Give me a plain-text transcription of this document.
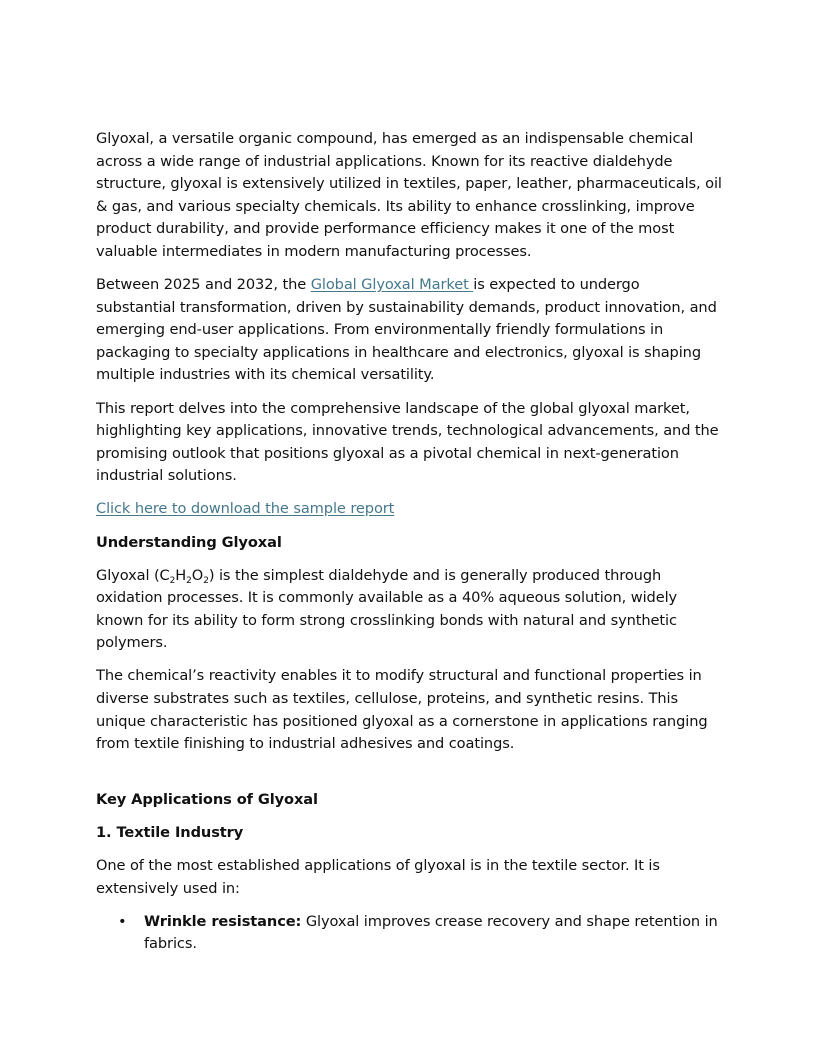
Glyoxal, a versatile organic compound, has emerged as an indispensable chemical across a wide range of industrial applications. Known for its reactive dialdehyde structure, glyoxal is extensively utilized in textiles, paper, leather, pharmaceuticals, oil & gas, and various specialty chemicals. Its ability to enhance crosslinking, improve product durability, and provide performance efficiency makes it one of the most valuable intermediates in modern manufacturing processes.

Between 2025 and 2032, the Global Glyoxal Market is expected to undergo substantial transformation, driven by sustainability demands, product innovation, and emerging end-user applications. From environmentally friendly formulations in packaging to specialty applications in healthcare and electronics, glyoxal is shaping multiple industries with its chemical versatility.

This report delves into the comprehensive landscape of the global glyoxal market, highlighting key applications, innovative trends, technological advancements, and the promising outlook that positions glyoxal as a pivotal chemical in next-generation industrial solutions.

Click here to download the sample report

Understanding Glyoxal

Glyoxal $(C_2H_2O_2)$ is the simplest dialdehyde and is generally produced through oxidation processes. It is commonly available as a 40% aqueous solution, widely known for its ability to form strong crosslinking bonds with natural and synthetic polymers.

The chemical’s reactivity enables it to modify structural and functional properties in diverse substrates such as textiles, cellulose, proteins, and synthetic resins. This unique characteristic has positioned glyoxal as a cornerstone in applications ranging from textile finishing to industrial adhesives and coatings.

Key Applications of Glyoxal

1. Textile Industry

One of the most established applications of glyoxal is in the textile sector. It is extensively used in:

• Wrinkle resistance: Glyoxal improves crease recovery and shape retention in fabrics.
